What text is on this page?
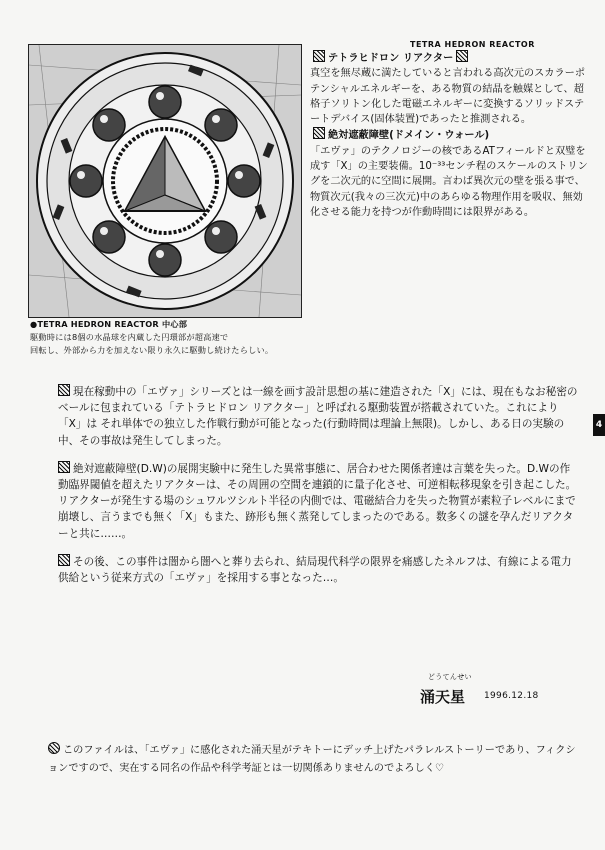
●TETRA HEDRON REACTOR 中心部
駆動時には8個の水晶球を内蔵した円環部が超高速で
回転し、外部から力を加えない限り永久に駆動し続けたらしい。
TETRA HEDRON REACTOR
テトラヒドロン リアクター

真空を無尽蔵に満たしていると言われる高次元のスカラーポテンシャルエネルギーを、ある物質の結晶を触媒として、超格子ソリトン化した電磁エネルギーに変換するソリッドステートデバイス(固体装置)であったと推測される。

絶対遮蔽障壁(ドメイン・ウォール)

「エヴァ」のテクノロジーの核であるATフィールドと双璧を成す「X」の主要装備。10⁻³³センチ程のスケールのストリングを二次元的に空間に展開。言わば異次元の壁を張る事で、物質次元(我々の三次元)中のあらゆる物理作用を吸収、無効化させる能力を持つが作動時間には限界がある。

現在稼動中の「エヴァ」シリーズとは一線を画す設計思想の基に建造された「X」には、現在もなお秘密のベールに包まれている「テトラヒドロン リアクター」と呼ばれる駆動装置が搭載されていた。これにより「X」は それ単体での独立した作戦行動が可能となった(行動時間は理論上無限)。しかし、ある日の実験の中、その事故は発生してしまった。
絶対遮蔽障壁(D.W)の展開実験中に発生した異常事態に、居合わせた関係者達は言葉を失った。D.Wの作動臨界閾値を超えたリアクターは、その周囲の空間を連鎖的に量子化させ、可逆相転移現象を引き起こした。リアクターが発生する場のシュワルツシルト半径の内側では、電磁結合力を失った物質が素粒子レベルにまで崩壊し、言うまでも無く「X」もまた、跡形も無く蒸発してしまったのである。数多くの謎を孕んだリアクターと共に……。
その後、この事件は闇から闇へと葬り去られ、結局現代科学の限界を痛感したネルフは、有線による電力供給という従来方式の「エヴァ」を採用する事となった…。
4
どうてんせい
涌天星 1996.12.18
このファイルは、「エヴァ」に感化された涌天星がテキトーにデッチ上げたパラレルストーリーであり、フィクションですので、実在する同名の作品や科学考証とは一切関係ありませんのでよろしく♡
